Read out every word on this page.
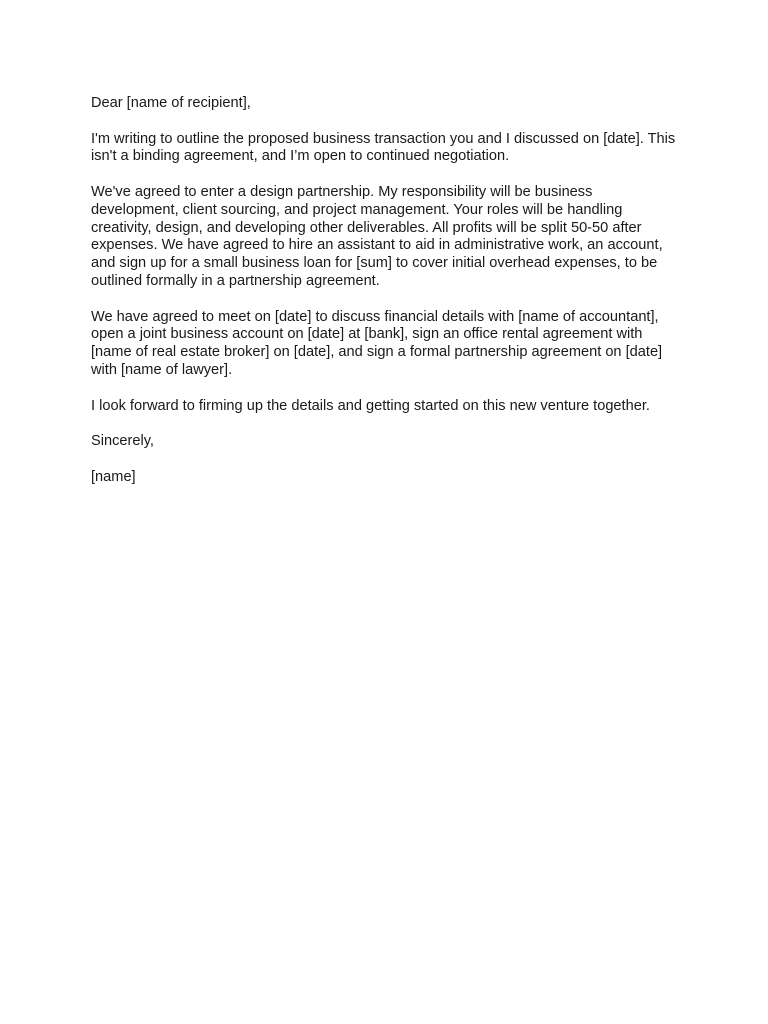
Dear [name of recipient],

I'm writing to outline the proposed business transaction you and I discussed on [date]. This isn't a binding agreement, and I’m open to continued negotiation.

We've agreed to enter a design partnership. My responsibility will be business development, client sourcing, and project management. Your roles will be handling creativity, design, and developing other deliverables. All profits will be split 50-50 after expenses. We have agreed to hire an assistant to aid in administrative work, an account, and sign up for a small business loan for [sum] to cover initial overhead expenses, to be outlined formally in a partnership agreement.

We have agreed to meet on [date] to discuss financial details with [name of accountant], open a joint business account on [date] at [bank], sign an office rental agreement with [name of real estate broker] on [date], and sign a formal partnership agreement on [date] with [name of lawyer].

I look forward to firming up the details and getting started on this new venture together.

Sincerely,

[name]
